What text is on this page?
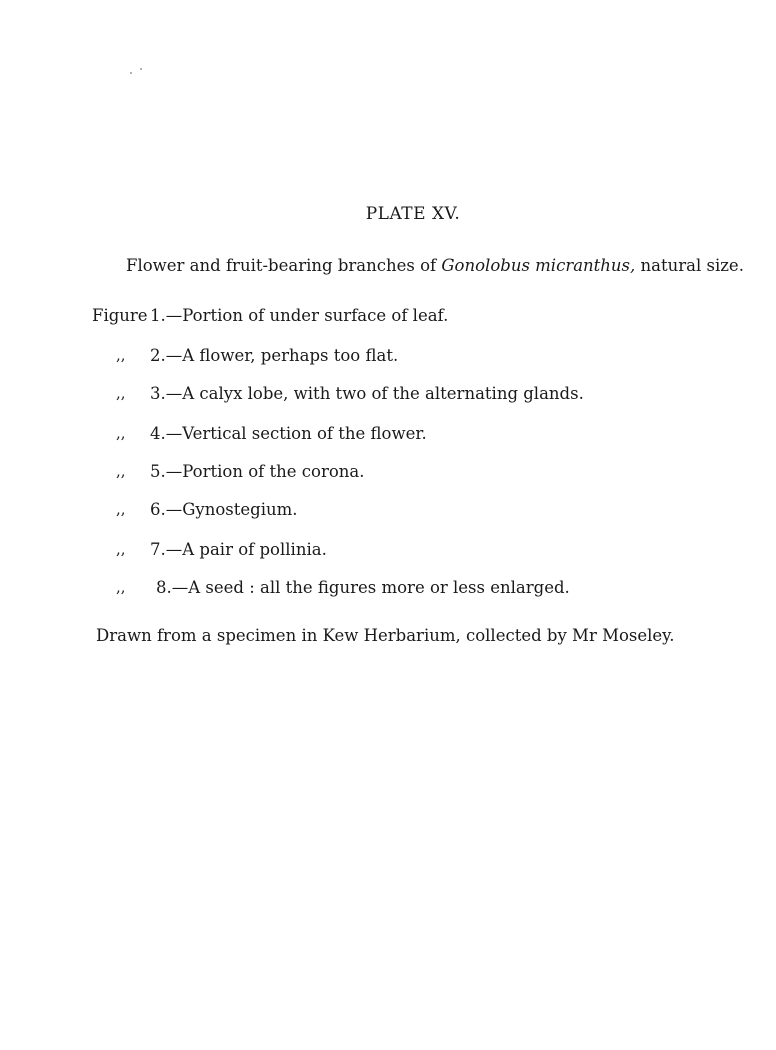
PLATE XV.
Flower and fruit-bearing branches of Gonolobus micranthus, natural size.
Figure 1.—Portion of under surface of leaf.
,, 2.—A flower, perhaps too flat.
,, 3.—A calyx lobe, with two of the alternating glands.
,, 4.—Vertical section of the flower.
,, 5.—Portion of the corona.
,, 6.—Gynostegium.
,, 7.—A pair of pollinia.
,, 8.—A seed : all the figures more or less enlarged.
Drawn from a specimen in Kew Herbarium, collected by Mr Moseley.
